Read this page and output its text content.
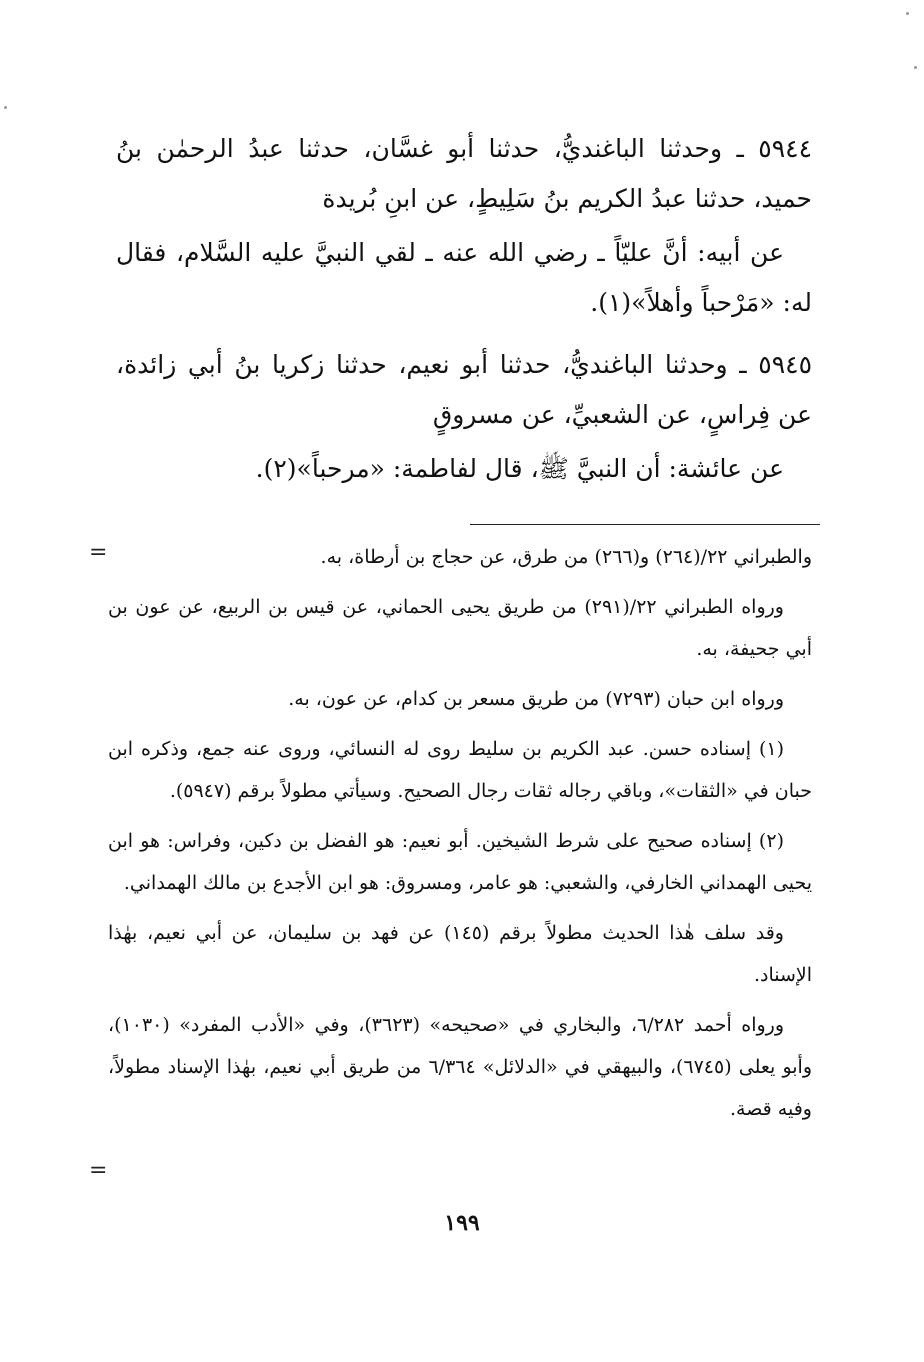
٥٩٤٤ ـ وحدثنا الباغنديُّ، حدثنا أبو غسَّان، حدثنا عبدُ الرحمٰن بنُ حميد، حدثنا عبدُ الكريم بنُ سَلِيطٍ، عن ابنِ بُريدة

عن أبيه: أنَّ عليّاً ـ رضي الله عنه ـ لقي النبيَّ عليه السَّلام، فقال له: «مَرْحباً وأهلاً»(١).

٥٩٤٥ ـ وحدثنا الباغنديُّ، حدثنا أبو نعيم، حدثنا زكريا بنُ أبي زائدة، عن فِراسٍ، عن الشعبيِّ، عن مسروقٍ

عن عائشة: أن النبيَّ ﷺ، قال لفاطمة: «مرحباً»(٢).

والطبراني ٢٢/(٢٦٤) و(٢٦٦) من طرق، عن حجاج بن أرطاة، به.

ورواه الطبراني ٢٢/(٢٩١) من طريق يحيى الحماني، عن قيس بن الربيع، عن عون بن أبي جحيفة، به.

ورواه ابن حبان (٧٢٩٣) من طريق مسعر بن كدام، عن عون، به.

(١) إسناده حسن. عبد الكريم بن سليط روى له النسائي، وروى عنه جمع، وذكره ابن حبان في «الثقات»، وباقي رجاله ثقات رجال الصحيح. وسيأتي مطولاً برقم (٥٩٤٧).

(٢) إسناده صحيح على شرط الشيخين. أبو نعيم: هو الفضل بن دكين، وفراس: هو ابن يحيى الهمداني الخارفي، والشعبي: هو عامر، ومسروق: هو ابن الأجدع بن مالك الهمداني.

وقد سلف هٰذا الحديث مطولاً برقم (١٤٥) عن فهد بن سليمان، عن أبي نعيم، بهٰذا الإسناد.

ورواه أحمد ٦/٢٨٢، والبخاري في «صحيحه» (٣٦٢٣)، وفي «الأدب المفرد» (١٠٣٠)، وأبو يعلى (٦٧٤٥)، والبيهقي في «الدلائل» ٦/٣٦٤ من طريق أبي نعيم، بهٰذا الإسناد مطولاً، وفيه قصة.

=
=
١٩٩
